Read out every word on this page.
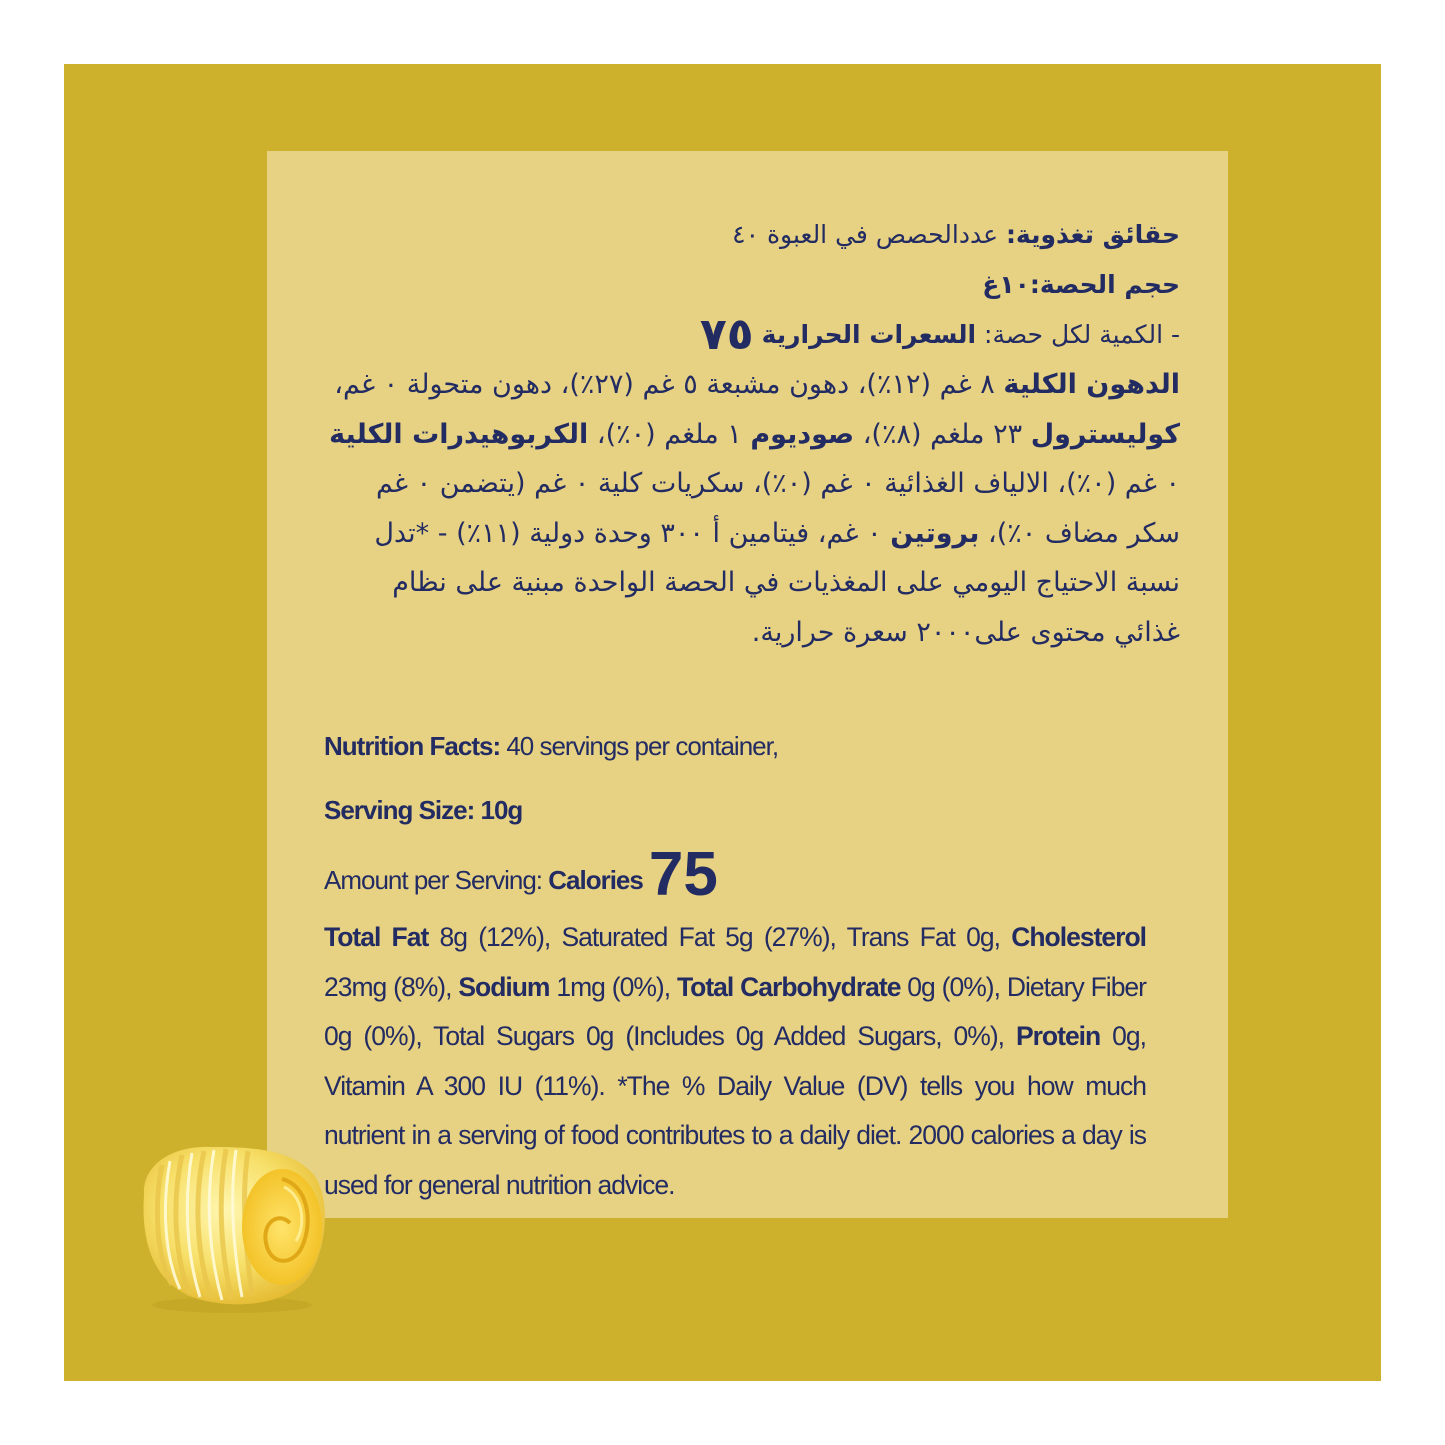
حقائق تغذوية: عددالحصص في العبوة ٤٠

حجم الحصة:١٠غ

- الكمية لكل حصة: السعرات الحرارية٧٥

الدهون الكلية ٨ غم (١٢٪)، دهون مشبعة ٥ غم (٢٧٪)، دهون متحولة ٠ غم، كوليسترول ٢٣ ملغم (٨٪)، صوديوم ١ ملغم (٠٪)، الكربوهيدرات الكلية ٠ غم (٠٪)، الالياف الغذائية ٠ غم (٠٪)، سكريات كلية ٠ غم (يتضمن ٠ غم سكر مضاف ٠٪)، بروتين ٠ غم، فيتامين أ ٣٠٠ وحدة دولية (١١٪) - *تدل نسبة الاحتياج اليومي على المغذيات في الحصة الواحدة مبنية على نظام غذائي محتوى على٢٠٠٠ سعرة حرارية.

Nutrition Facts: 40 servings per container,

Serving Size: 10g

Amount per Serving: Calories75

Total Fat 8g (12%), Saturated Fat 5g (27%), Trans Fat 0g, Cholesterol 23mg (8%), Sodium 1mg (0%), Total Carbohydrate 0g (0%), Dietary Fiber 0g (0%), Total Sugars 0g (Includes 0g Added Sugars, 0%), Protein 0g, Vitamin A 300 IU (11%). *The % Daily Value (DV) tells you how much nutrient in a serving of food contributes to a daily diet. 2000 calories a day is used for general nutrition advice.
